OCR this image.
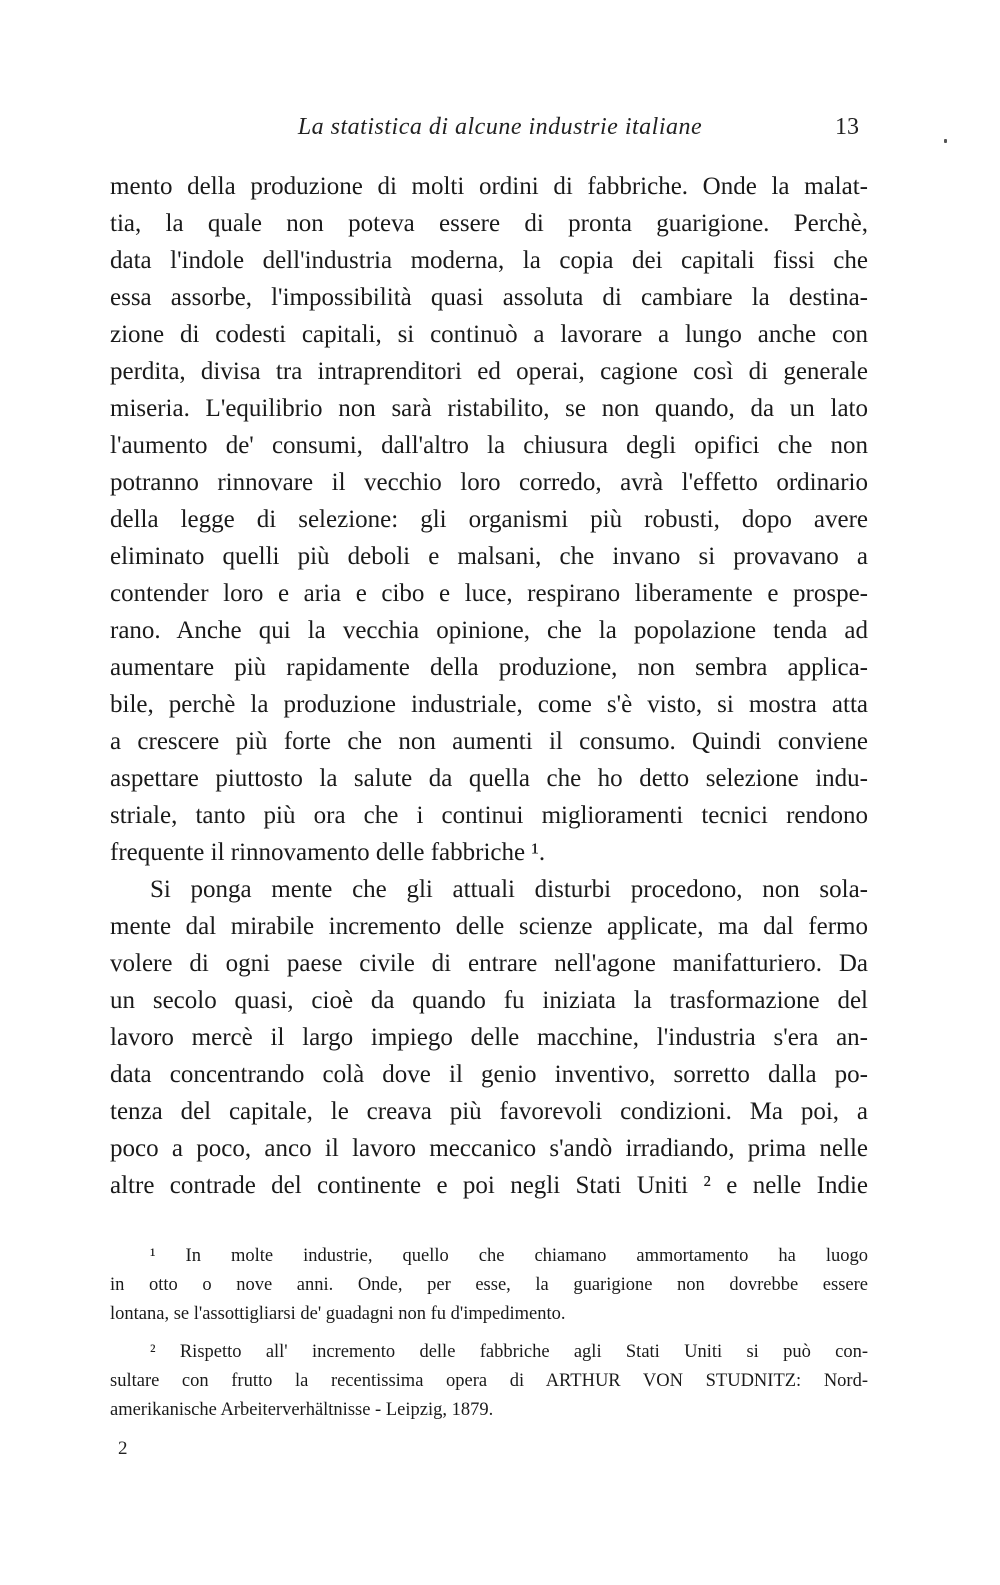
La statistica di alcune industrie italiane	13
mento della produzione di molti ordini di fabbriche. Onde la malat-
tia, la quale non poteva essere di pronta guarigione. Perchè,
data l'indole dell'industria moderna, la copia dei capitali fissi che
essa assorbe, l'impossibilità quasi assoluta di cambiare la destina-
zione di codesti capitali, si continuò a lavorare a lungo anche con
perdita, divisa tra intraprenditori ed operai, cagione così di generale
miseria. L'equilibrio non sarà ristabilito, se non quando, da un lato
l'aumento de' consumi, dall'altro la chiusura degli opifici che non
potranno rinnovare il vecchio loro corredo, avrà l'effetto ordinario
della legge di selezione: gli organismi più robusti, dopo avere
eliminato quelli più deboli e malsani, che invano si provavano a
contender loro e aria e cibo e luce, respirano liberamente e prospe-
rano. Anche qui la vecchia opinione, che la popolazione tenda ad
aumentare più rapidamente della produzione, non sembra applica-
bile, perchè la produzione industriale, come s'è visto, si mostra atta
a crescere più forte che non aumenti il consumo. Quindi conviene
aspettare piuttosto la salute da quella che ho detto selezione indu-
striale, tanto più ora che i continui miglioramenti tecnici rendono
frequente il rinnovamento delle fabbriche ¹.
Si ponga mente che gli attuali disturbi procedono, non sola-
mente dal mirabile incremento delle scienze applicate, ma dal fermo
volere di ogni paese civile di entrare nell'agone manifatturiero. Da
un secolo quasi, cioè da quando fu iniziata la trasformazione del
lavoro mercè il largo impiego delle macchine, l'industria s'era an-
data concentrando colà dove il genio inventivo, sorretto dalla po-
tenza del capitale, le creava più favorevoli condizioni. Ma poi, a
poco a poco, anco il lavoro meccanico s'andò irradiando, prima nelle
altre contrade del continente e poi negli Stati Uniti ² e nelle Indie
¹ In molte industrie, quello che chiamano ammortamento ha luogo
in otto o nove anni. Onde, per esse, la guarigione non dovrebbe essere
lontana, se l'assottigliarsi de' guadagni non fu d'impedimento.
² Rispetto all' incremento delle fabbriche agli Stati Uniti si può con-
sultare con frutto la recentissima opera di ARTHUR VON STUDNITZ: Nord-
amerikanische Arbeiterverhältnisse - Leipzig, 1879.
2
